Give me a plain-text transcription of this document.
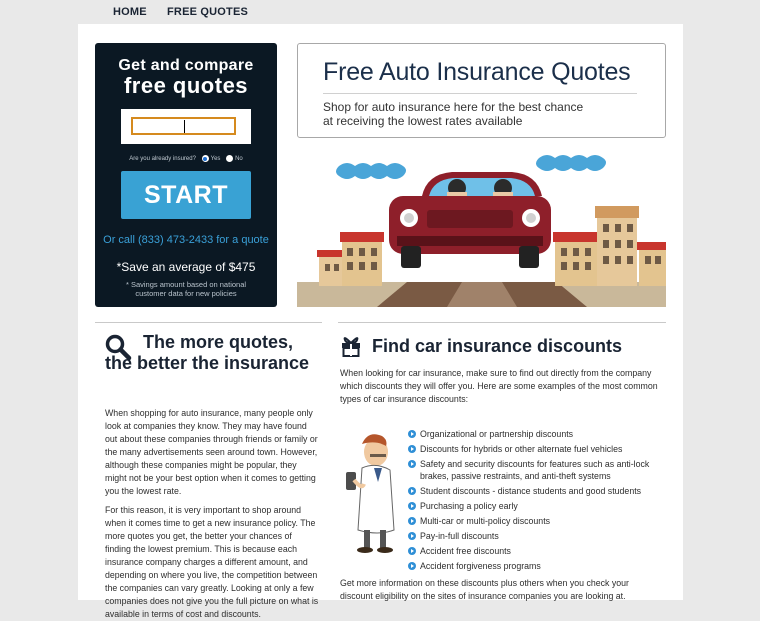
HOME FREE QUOTES
Get and compare
free quotes
Are you already insured? Yes No
START
Or call (833) 473-2433 for a quote
*Save an average of $475
* Savings amount based on national
customer data for new policies
Free Auto Insurance Quotes

Shop for auto insurance here for the best chance
at receiving the lowest rates available

The more quotes,
the better the insurance

When shopping for auto insurance, many people only look at companies they know. They may have found out about these companies through friends or family or the many advertisements seen around town. However, although these companies might be popular, they might not be your best option when it comes to getting you the lowest rate.

For this reason, it is very important to shop around when it comes time to get a new insurance policy. The more quotes you get, the better your chances of finding the lowest premium. This is because each insurance company charges a different amount, and depending on where you live, the competition between the companies can vary greatly. Looking at only a few companies does not give you the full picture on what is available in terms of cost and discounts.

Find car insurance discounts

When looking for car insurance, make sure to find out directly from the company which discounts they will offer you. Here are some examples of the most common types of car insurance discounts:

Organizational or partnership discounts
Discounts for hybrids or other alternate fuel vehicles
Safety and security discounts for features such as anti-lock brakes, passive restraints, and anti-theft systems
Student discounts - distance students and good students
Purchasing a policy early
Multi-car or multi-policy discounts
Pay-in-full discounts
Accident free discounts
Accident forgiveness programs

Get more information on these discounts plus others when you check your discount eligibility on the sites of insurance companies you are looking at.
